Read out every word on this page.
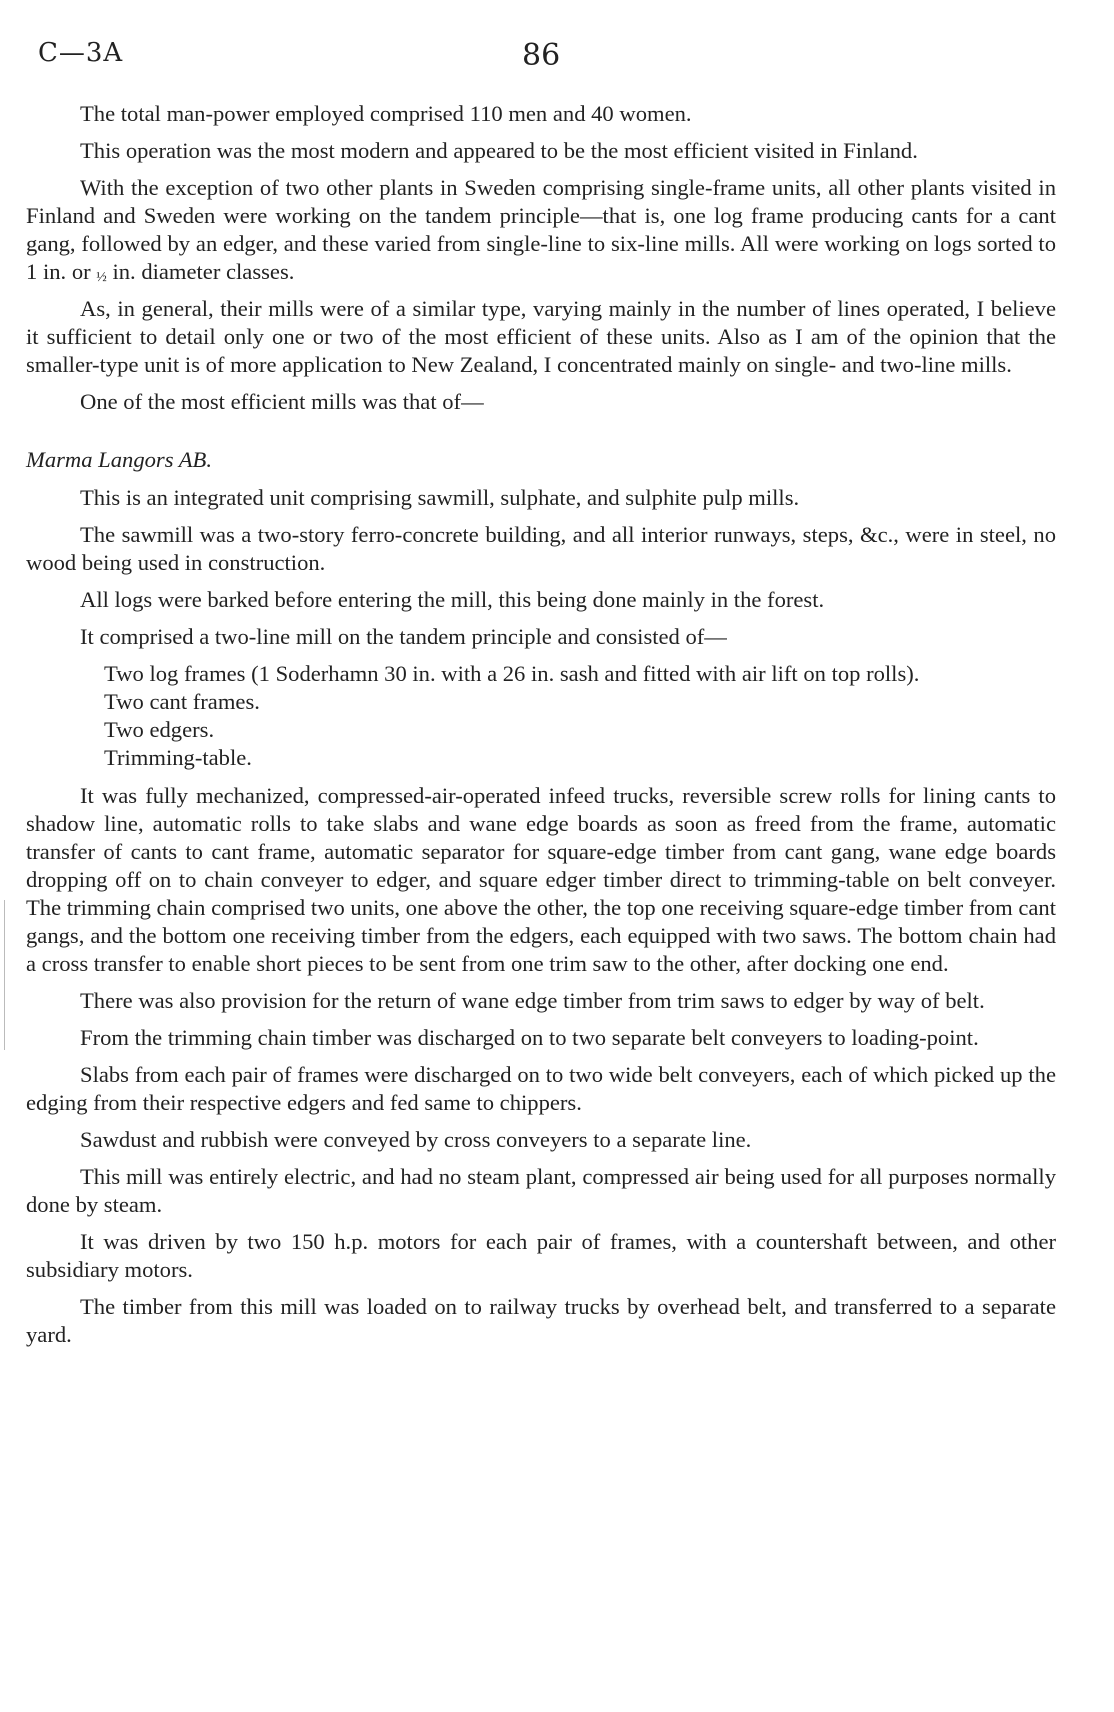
C—3A	86

The total man-power employed comprised 110 men and 40 women.

This operation was the most modern and appeared to be the most efficient visited in Finland.

With the exception of two other plants in Sweden comprising single-frame units, all other plants visited in Finland and Sweden were working on the tandem principle—that is, one log frame producing cants for a cant gang, followed by an edger, and these varied from single-line to six-line mills. All were working on logs sorted to 1 in. or ½ in. diameter classes.

As, in general, their mills were of a similar type, varying mainly in the number of lines operated, I believe it sufficient to detail only one or two of the most efficient of these units. Also as I am of the opinion that the smaller-type unit is of more application to New Zealand, I concentrated mainly on single- and two-line mills.

One of the most efficient mills was that of—

Marma Langors AB.

This is an integrated unit comprising sawmill, sulphate, and sulphite pulp mills.

The sawmill was a two-story ferro-concrete building, and all interior runways, steps, &c., were in steel, no wood being used in construction.

All logs were barked before entering the mill, this being done mainly in the forest.

It comprised a two-line mill on the tandem principle and consisted of—

Two log frames (1 Soderhamn 30 in. with a 26 in. sash and fitted with air lift on top rolls).
Two cant frames.
Two edgers.
Trimming-table.

It was fully mechanized, compressed-air-operated infeed trucks, reversible screw rolls for lining cants to shadow line, automatic rolls to take slabs and wane edge boards as soon as freed from the frame, automatic transfer of cants to cant frame, automatic separator for square-edge timber from cant gang, wane edge boards dropping off on to chain conveyer to edger, and square edger timber direct to trimming-table on belt conveyer. The trimming chain comprised two units, one above the other, the top one receiving square-edge timber from cant gangs, and the bottom one receiving timber from the edgers, each equipped with two saws. The bottom chain had a cross transfer to enable short pieces to be sent from one trim saw to the other, after docking one end.

There was also provision for the return of wane edge timber from trim saws to edger by way of belt.

From the trimming chain timber was discharged on to two separate belt conveyers to loading-point.

Slabs from each pair of frames were discharged on to two wide belt conveyers, each of which picked up the edging from their respective edgers and fed same to chippers.

Sawdust and rubbish were conveyed by cross conveyers to a separate line.

This mill was entirely electric, and had no steam plant, compressed air being used for all purposes normally done by steam.

It was driven by two 150 h.p. motors for each pair of frames, with a countershaft between, and other subsidiary motors.

The timber from this mill was loaded on to railway trucks by overhead belt, and transferred to a separate yard.
